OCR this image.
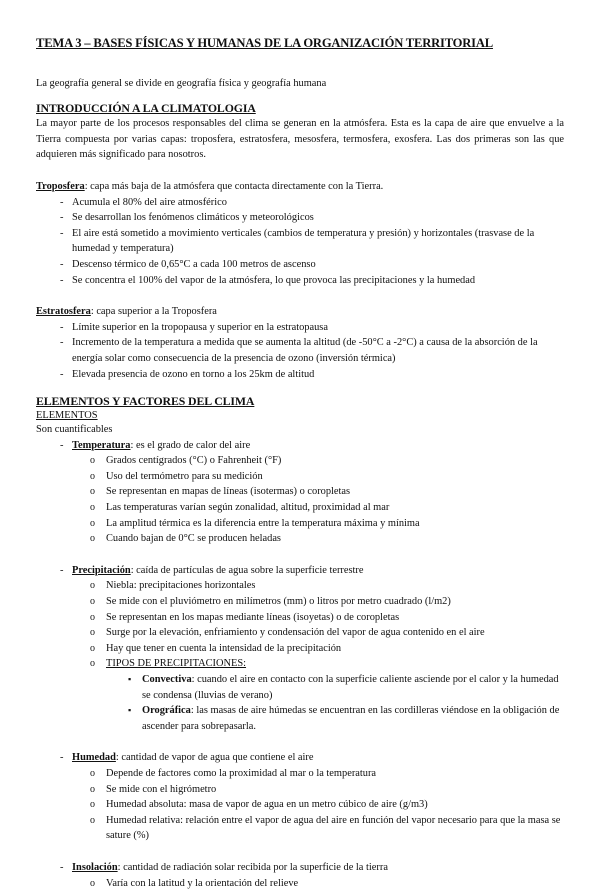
TEMA 3 – BASES FÍSICAS Y HUMANAS DE LA ORGANIZACIÓN TERRITORIAL

La geografía general se divide en geografía física y geografía humana

INTRODUCCIÓN A LA CLIMATOLOGIA

La mayor parte de los procesos responsables del clima se generan en la atmósfera. Esta es la capa de aire que envuelve a la Tierra compuesta por varias capas: troposfera, estratosfera, mesosfera, termosfera, exosfera. Las dos primeras son las que adquieren más significado para nosotros.

Troposfera: capa más baja de la atmósfera que contacta directamente con la Tierra.

- Acumula el 80% del aire atmosférico
- Se desarrollan los fenómenos climáticos y meteorológicos
- El aire está sometido a movimiento verticales (cambios de temperatura y presión) y horizontales (trasvase de la humedad y temperatura)
- Descenso térmico de 0,65°C a cada 100 metros de ascenso
- Se concentra el 100% del vapor de la atmósfera, lo que provoca las precipitaciones y la humedad

Estratosfera: capa superior a la Troposfera

- Límite superior en la tropopausa y superior en la estratopausa
- Incremento de la temperatura a medida que se aumenta la altitud (de -50°C a -2°C) a causa de la absorción de la energía solar como consecuencia de la presencia de ozono (inversión térmica)
- Elevada presencia de ozono en torno a los 25km de altitud
ELEMENTOS Y FACTORES DEL CLIMA
ELEMENTOS

Son cuantificables

- Temperatura: es el grado de calor del aire
o Grados centígrados (°C) o Fahrenheit (°F)
o Uso del termómetro para su medición
o Se representan en mapas de líneas (isotermas) o coropletas
o Las temperaturas varían según zonalidad, altitud, proximidad al mar
o La amplitud térmica es la diferencia entre la temperatura máxima y mínima
o Cuando bajan de 0°C se producen heladas
- Precipitación: caída de partículas de agua sobre la superficie terrestre
o Niebla: precipitaciones horizontales
o Se mide con el pluviómetro en milímetros (mm) o litros por metro cuadrado (l/m2)
o Se representan en los mapas mediante líneas (isoyetas) o de coropletas
o Surge por la elevación, enfriamiento y condensación del vapor de agua contenido en el aire
o Hay que tener en cuenta la intensidad de la precipitación
o TIPOS DE PRECIPITACIONES:
▪ Convectiva: cuando el aire en contacto con la superficie caliente asciende por el calor y la humedad se condensa (lluvias de verano)
▪ Orográfica: las masas de aire húmedas se encuentran en las cordilleras viéndose en la obligación de ascender para sobrepasarla.
- Humedad: cantidad de vapor de agua que contiene el aire
o Depende de factores como la proximidad al mar o la temperatura
o Se mide con el higrómetro
o Humedad absoluta: masa de vapor de agua en un metro cúbico de aire (g/m3)
o Humedad relativa: relación entre el vapor de agua del aire en función del vapor necesario para que la masa se sature (%)
- Insolación: cantidad de radiación solar recibida por la superficie de la tierra
o Varía con la latitud y la orientación del relieve
